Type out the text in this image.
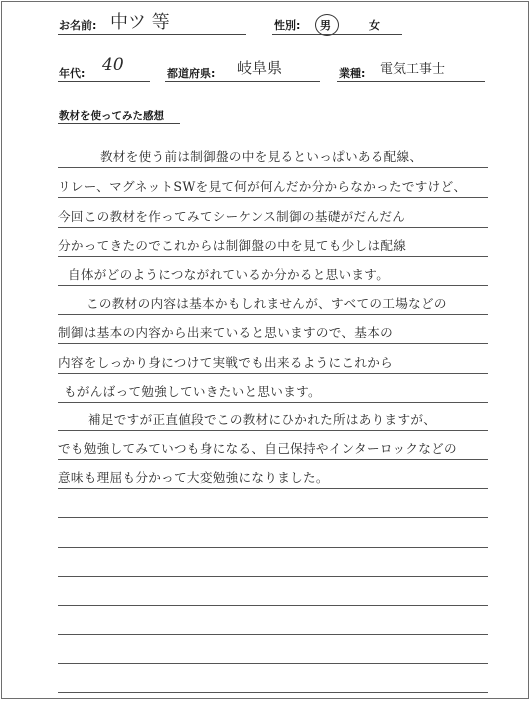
お名前: 中ツ 等	性別: 男	女
年代: 40	都道府県: 岐阜県	業種: 電気工事士
教材を使ってみた感想
教材を使う前は制御盤の中を見るといっぱいある配線、
リレー、マグネットSWを見て何が何んだか分からなかったですけど、
今回この教材を作ってみてシーケンス制御の基礎がだんだん
分かってきたのでこれからは制御盤の中を見ても少しは配線
自体がどのようにつながれているか分かると思います。
この教材の内容は基本かもしれませんが、すべての工場などの
制御は基本の内容から出来ていると思いますので、基本の
内容をしっかり身につけて実戦でも出来るようにこれから
もがんばって勉強していきたいと思います。
補足ですが正直値段でこの教材にひかれた所はありますが、
でも勉強してみていつも身になる、自己保持やインターロックなどの
意味も理屈も分かって大変勉強になりました。
